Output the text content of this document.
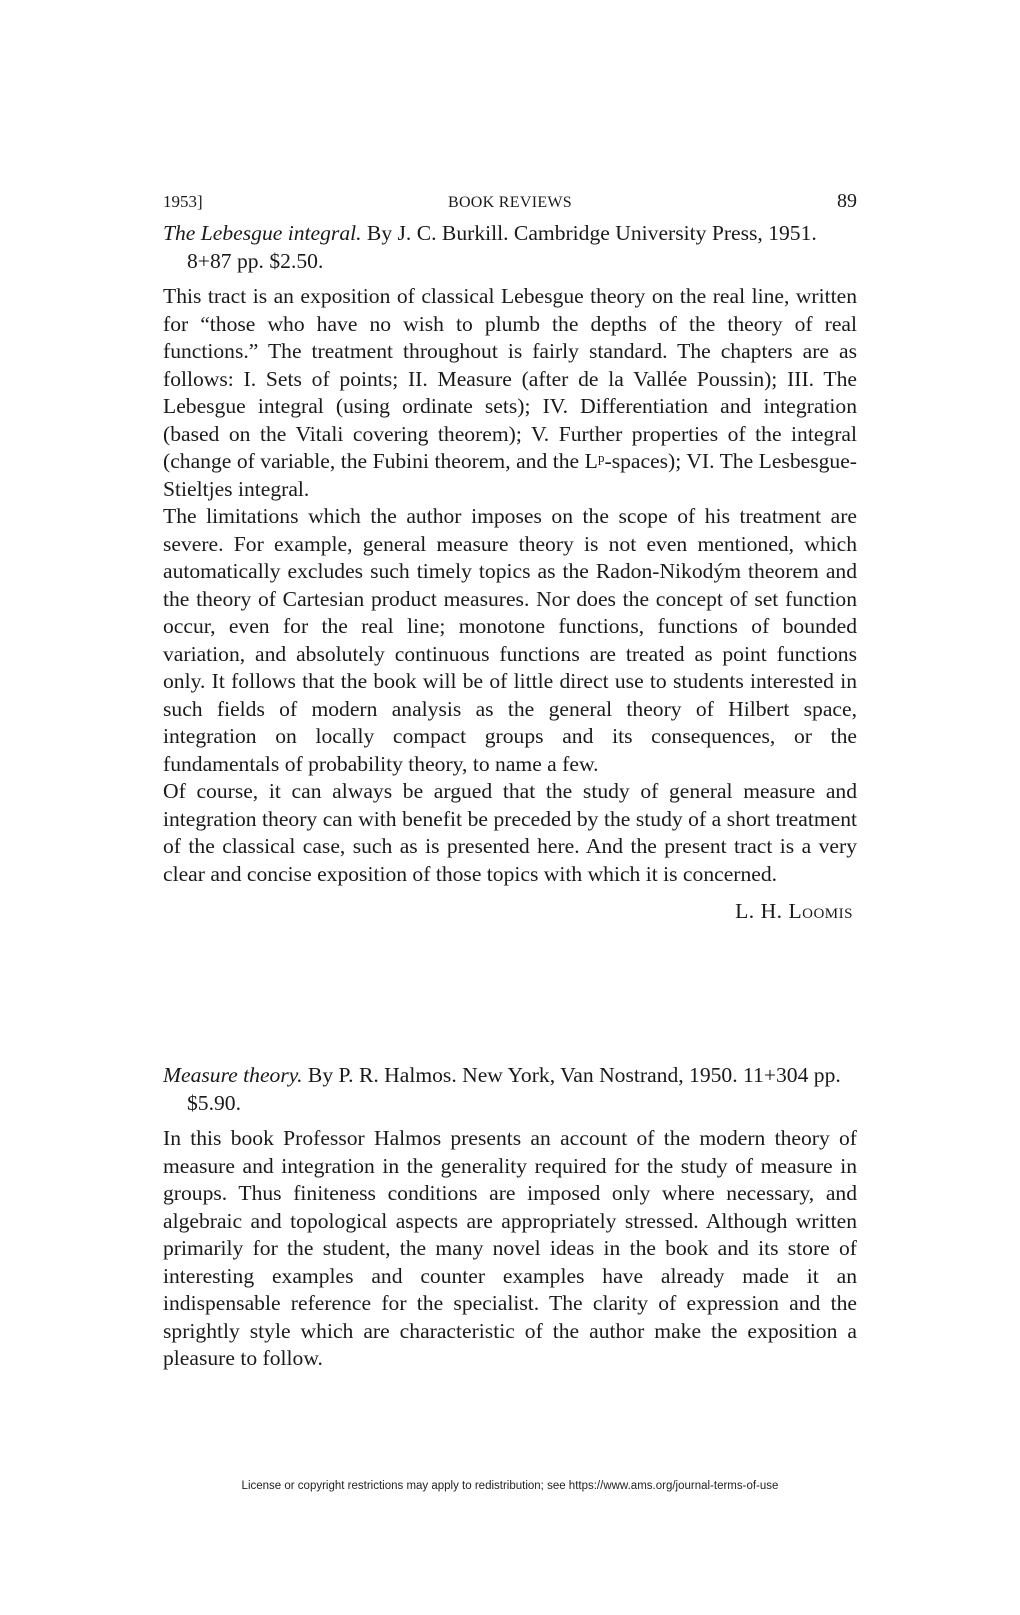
1953]	BOOK REVIEWS	89

The Lebesgue integral. By J. C. Burkill. Cambridge University Press, 1951. 8+87 pp. $2.50.

This tract is an exposition of classical Lebesgue theory on the real line, written for “those who have no wish to plumb the depths of the theory of real functions.” The treatment throughout is fairly standard. The chapters are as follows: I. Sets of points; II. Measure (after de la Vallée Poussin); III. The Lebesgue integral (using ordinate sets); IV. Differentiation and integration (based on the Vitali covering theorem); V. Further properties of the integral (change of variable, the Fubini theorem, and the Lᵖ-spaces); VI. The Lesbesgue-Stieltjes integral.

The limitations which the author imposes on the scope of his treatment are severe. For example, general measure theory is not even mentioned, which automatically excludes such timely topics as the Radon-Nikodým theorem and the theory of Cartesian product measures. Nor does the concept of set function occur, even for the real line; monotone functions, functions of bounded variation, and absolutely continuous functions are treated as point functions only. It follows that the book will be of little direct use to students interested in such fields of modern analysis as the general theory of Hilbert space, integration on locally compact groups and its consequences, or the fundamentals of probability theory, to name a few.

Of course, it can always be argued that the study of general measure and integration theory can with benefit be preceded by the study of a short treatment of the classical case, such as is presented here. And the present tract is a very clear and concise exposition of those topics with which it is concerned.

L. H. Loomis

Measure theory. By P. R. Halmos. New York, Van Nostrand, 1950. 11+304 pp. $5.90.

In this book Professor Halmos presents an account of the modern theory of measure and integration in the generality required for the study of measure in groups. Thus finiteness conditions are imposed only where necessary, and algebraic and topological aspects are appropriately stressed. Although written primarily for the student, the many novel ideas in the book and its store of interesting examples and counter examples have already made it an indispensable reference for the specialist. The clarity of expression and the sprightly style which are characteristic of the author make the exposition a pleasure to follow.

License or copyright restrictions may apply to redistribution; see https://www.ams.org/journal-terms-of-use
